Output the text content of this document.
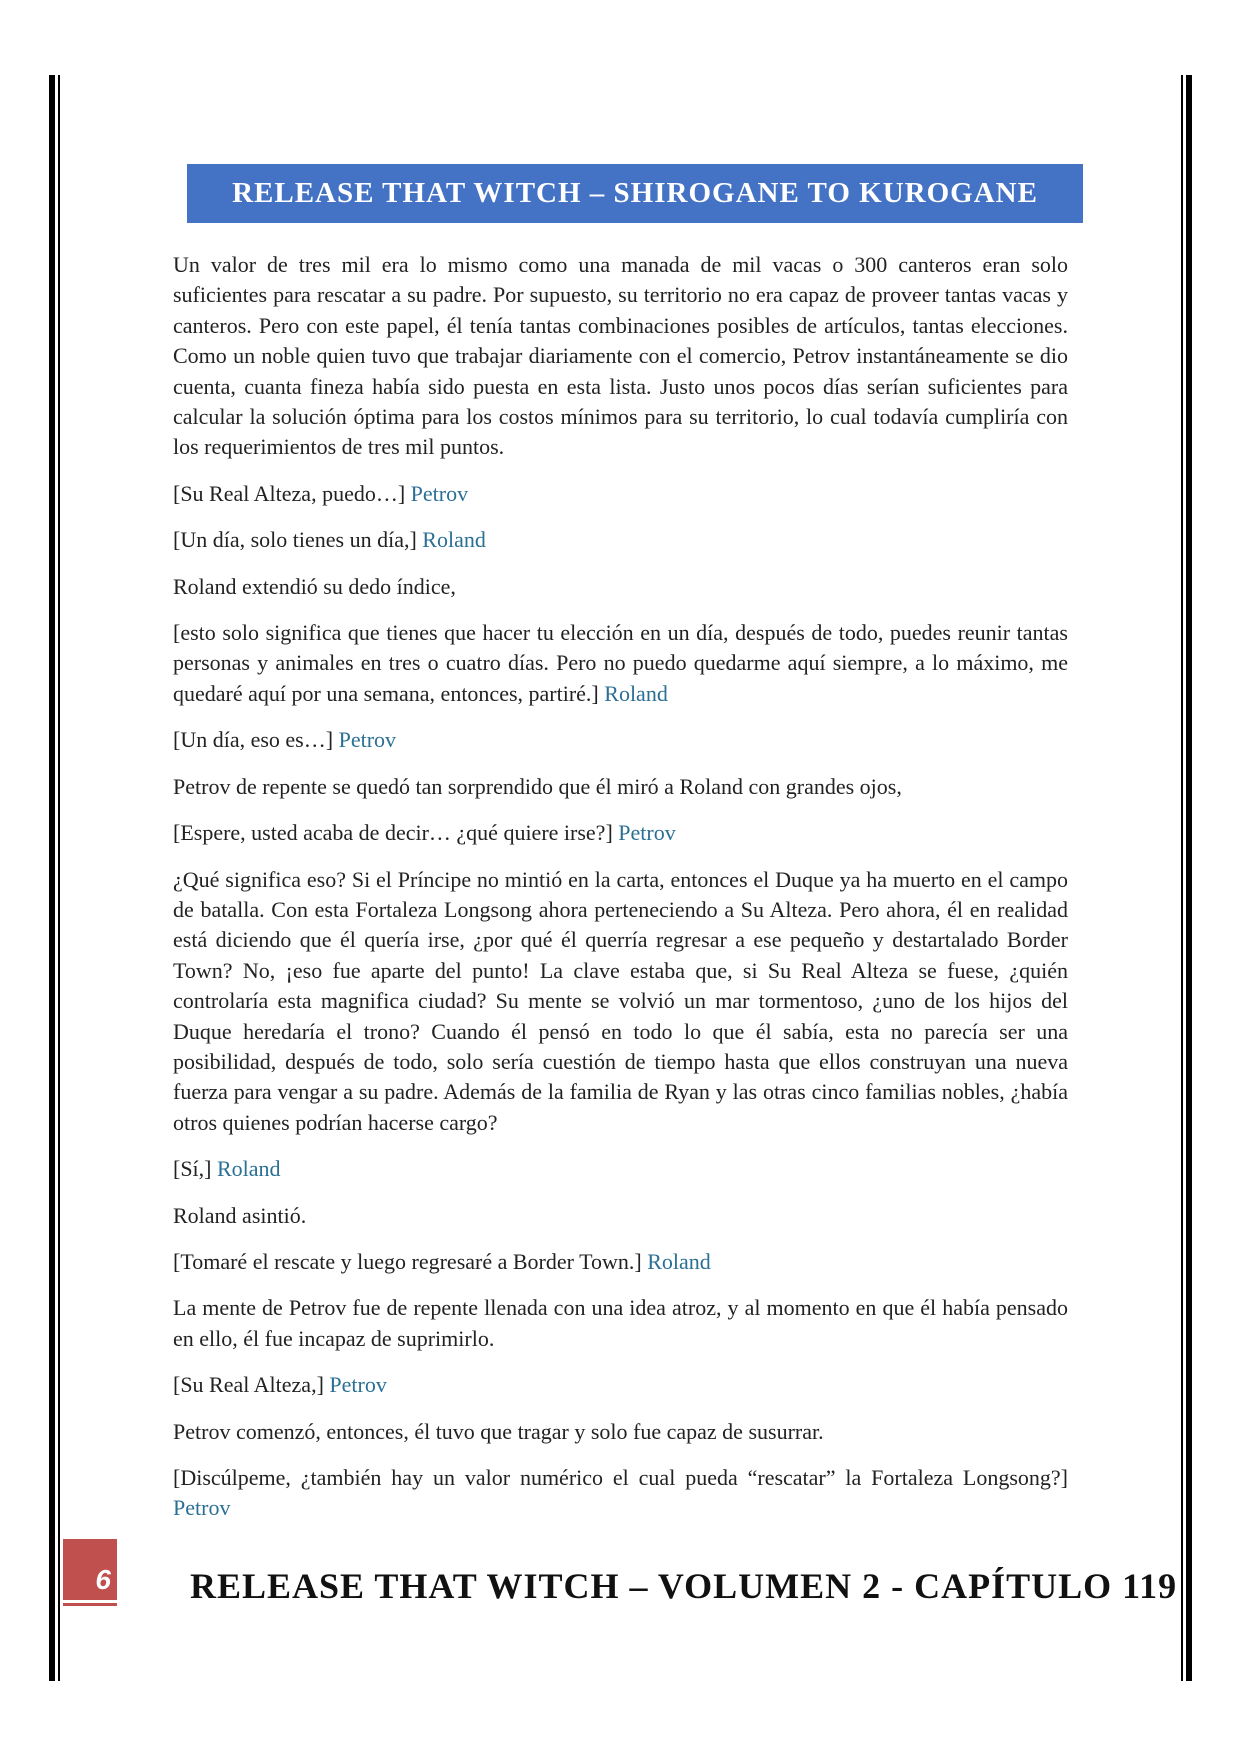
RELEASE THAT WITCH – SHIROGANE TO KUROGANE

Un valor de tres mil era lo mismo como una manada de mil vacas o 300 canteros eran solo suficientes para rescatar a su padre. Por supuesto, su territorio no era capaz de proveer tantas vacas y canteros. Pero con este papel, él tenía tantas combinaciones posibles de artículos, tantas elecciones. Como un noble quien tuvo que trabajar diariamente con el comercio, Petrov instantáneamente se dio cuenta, cuanta fineza había sido puesta en esta lista. Justo unos pocos días serían suficientes para calcular la solución óptima para los costos mínimos para su territorio, lo cual todavía cumpliría con los requerimientos de tres mil puntos.

[Su Real Alteza, puedo…] Petrov

[Un día, solo tienes un día,] Roland

Roland extendió su dedo índice,

[esto solo significa que tienes que hacer tu elección en un día, después de todo, puedes reunir tantas personas y animales en tres o cuatro días. Pero no puedo quedarme aquí siempre, a lo máximo, me quedaré aquí por una semana, entonces, partiré.] Roland

[Un día, eso es…] Petrov

Petrov de repente se quedó tan sorprendido que él miró a Roland con grandes ojos,

[Espere, usted acaba de decir… ¿qué quiere irse?] Petrov

¿Qué significa eso? Si el Príncipe no mintió en la carta, entonces el Duque ya ha muerto en el campo de batalla. Con esta Fortaleza Longsong ahora perteneciendo a Su Alteza. Pero ahora, él en realidad está diciendo que él quería irse, ¿por qué él querría regresar a ese pequeño y destartalado Border Town? No, ¡eso fue aparte del punto! La clave estaba que, si Su Real Alteza se fuese, ¿quién controlaría esta magnifica ciudad? Su mente se volvió un mar tormentoso, ¿uno de los hijos del Duque heredaría el trono? Cuando él pensó en todo lo que él sabía, esta no parecía ser una posibilidad, después de todo, solo sería cuestión de tiempo hasta que ellos construyan una nueva fuerza para vengar a su padre. Además de la familia de Ryan y las otras cinco familias nobles, ¿había otros quienes podrían hacerse cargo?

[Sí,] Roland

Roland asintió.

[Tomaré el rescate y luego regresaré a Border Town.] Roland

La mente de Petrov fue de repente llenada con una idea atroz, y al momento en que él había pensado en ello, él fue incapaz de suprimirlo.

[Su Real Alteza,] Petrov

Petrov comenzó, entonces, él tuvo que tragar y solo fue capaz de susurrar.

[Discúlpeme, ¿también hay un valor numérico el cual pueda “rescatar” la Fortaleza Longsong?] Petrov

6 RELEASE THAT WITCH – VOLUMEN 2 - CAPÍTULO 119
